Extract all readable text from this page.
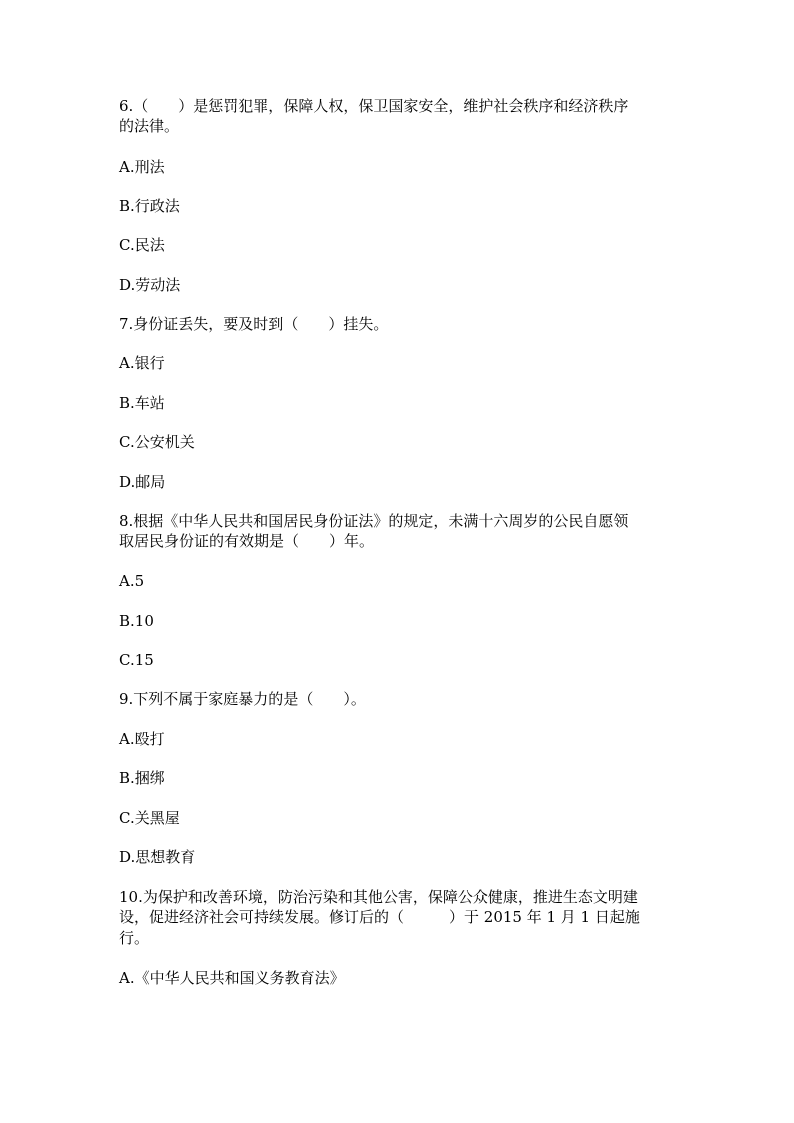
6.（　　）是惩罚犯罪，保障人权，保卫国家安全，维护社会秩序和经济秩序
的法律。
A.刑法
B.行政法
C.民法
D.劳动法
7.身份证丢失，要及时到（　　）挂失。
A.银行
B.车站
C.公安机关
D.邮局
8.根据《中华人民共和国居民身份证法》的规定，未满十六周岁的公民自愿领
取居民身份证的有效期是（　　）年。
A.5
B.10
C.15
9.下列不属于家庭暴力的是（　　）。
A.殴打
B.捆绑
C.关黑屋
D.思想教育
10.为保护和改善环境，防治污染和其他公害，保障公众健康，推进生态文明建
设，促进经济社会可持续发展。修订后的（　　　）于 2015 年 1 月 1 日起施
行。
A.《中华人民共和国义务教育法》
